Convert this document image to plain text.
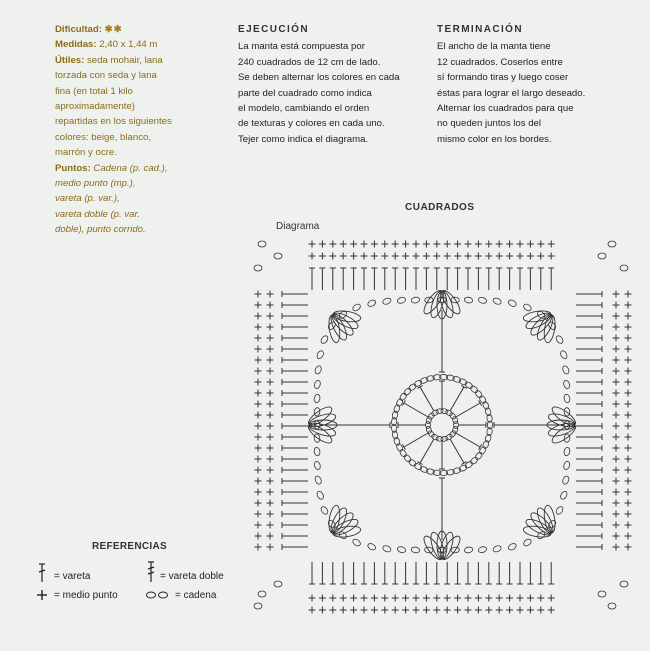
Dificultad: ✱✱
Medidas: 2,40 x 1,44 m
Útiles: seda mohair, lana
torzada con seda y lana
fina (en total 1 kilo
aproximadamente)
repartidas en los siguientes
colores: beige, blanco,
marrón y ocre.
Puntos: Cadena (p. cad.),
medio punto (mp.),
vareta (p. var.),
vareta doble (p. var.
doble), punto corrido.
EJECUCIÓN
La manta está compuesta por
240 cuadrados de 12 cm de lado.
Se deben alternar los colores en cada
parte del cuadrado como indica
el modelo, cambiando el orden
de texturas y colores en cada uno.
Tejer como indica el diagrama.
TERMINACIÓN
El ancho de la manta tiene
12 cuadrados. Coserlos entre
sí formando tiras y luego coser
éstas para lograr el largo deseado.
Alternar los cuadrados para que
no queden juntos los del
mismo color en los bordes.
CUADRADOS
Diagrama
REFERENCIAS
= vareta	= vareta doble
= medio punto	= cadena
